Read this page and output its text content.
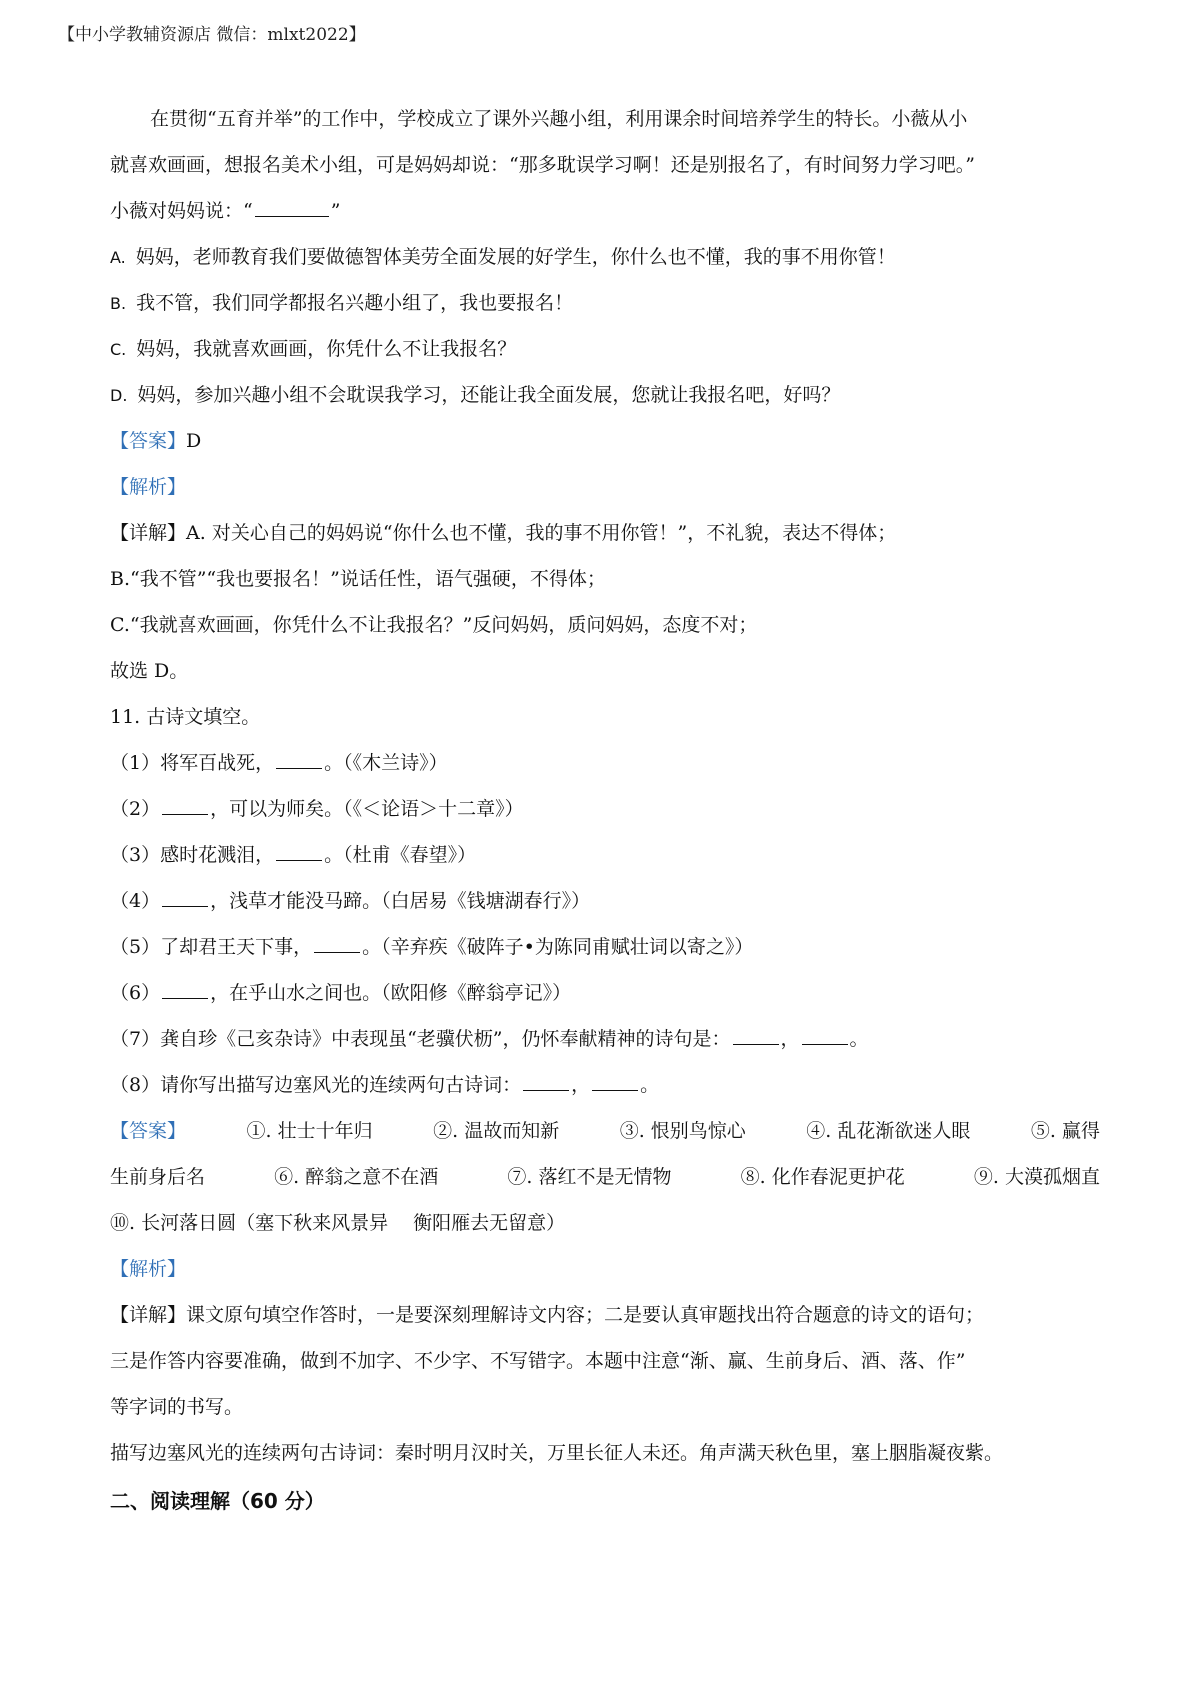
【中小学教辅资源店 微信：mlxt2022】
在贯彻“五育并举”的工作中，学校成立了课外兴趣小组，利用课余时间培养学生的特长。小薇从小
就喜欢画画，想报名美术小组，可是妈妈却说：“那多耽误学习啊！还是别报名了，有时间努力学习吧。”
小薇对妈妈说：“	”
A. 妈妈，老师教育我们要做德智体美劳全面发展的好学生，你什么也不懂，我的事不用你管！
B. 我不管，我们同学都报名兴趣小组了，我也要报名！
C. 妈妈，我就喜欢画画，你凭什么不让我报名？
D. 妈妈，参加兴趣小组不会耽误我学习，还能让我全面发展，您就让我报名吧，好吗？
【答案】D
【解析】
【详解】A. 对关心自己的妈妈说“你什么也不懂，我的事不用你管！”，不礼貌，表达不得体；
B.“我不管”“我也要报名！”说话任性，语气强硬，不得体；
C.“我就喜欢画画，你凭什么不让我报名？”反问妈妈，质问妈妈，态度不对；
故选 D。
11. 古诗文填空。
（1）将军百战死，	。（《木兰诗》）
（2）	，可以为师矣。（《＜论语＞十二章》）
（3）感时花溅泪，	。（杜甫《春望》）
（4）	，浅草才能没马蹄。（白居易《钱塘湖春行》）
（5）了却君王天下事，	。（辛弃疾《破阵子•为陈同甫赋壮词以寄之》）
（6）	，在乎山水之间也。（欧阳修《醉翁亭记》）
（7）龚自珍《己亥杂诗》中表现虽“老骥伏枥”，仍怀奉献精神的诗句是：	，	。
（8）请你写出描写边塞风光的连续两句古诗词：	，	。
【答案】	①. 壮士十年归	②. 温故而知新	③. 恨别鸟惊心	④. 乱花渐欲迷人眼	⑤. 赢得
生前身后名	⑥. 醉翁之意不在酒	⑦. 落红不是无情物	⑧. 化作春泥更护花	⑨. 大漠孤烟直
⑩. 长河落日圆（塞下秋来风景异　 衡阳雁去无留意）
【解析】
【详解】课文原句填空作答时，一是要深刻理解诗文内容；二是要认真审题找出符合题意的诗文的语句；
三是作答内容要准确，做到不加字、不少字、不写错字。本题中注意“渐、赢、生前身后、酒、落、作”
等字词的书写。
描写边塞风光的连续两句古诗词：秦时明月汉时关，万里长征人未还。角声满天秋色里，塞上胭脂凝夜紫。
二、阅读理解（60 分）
